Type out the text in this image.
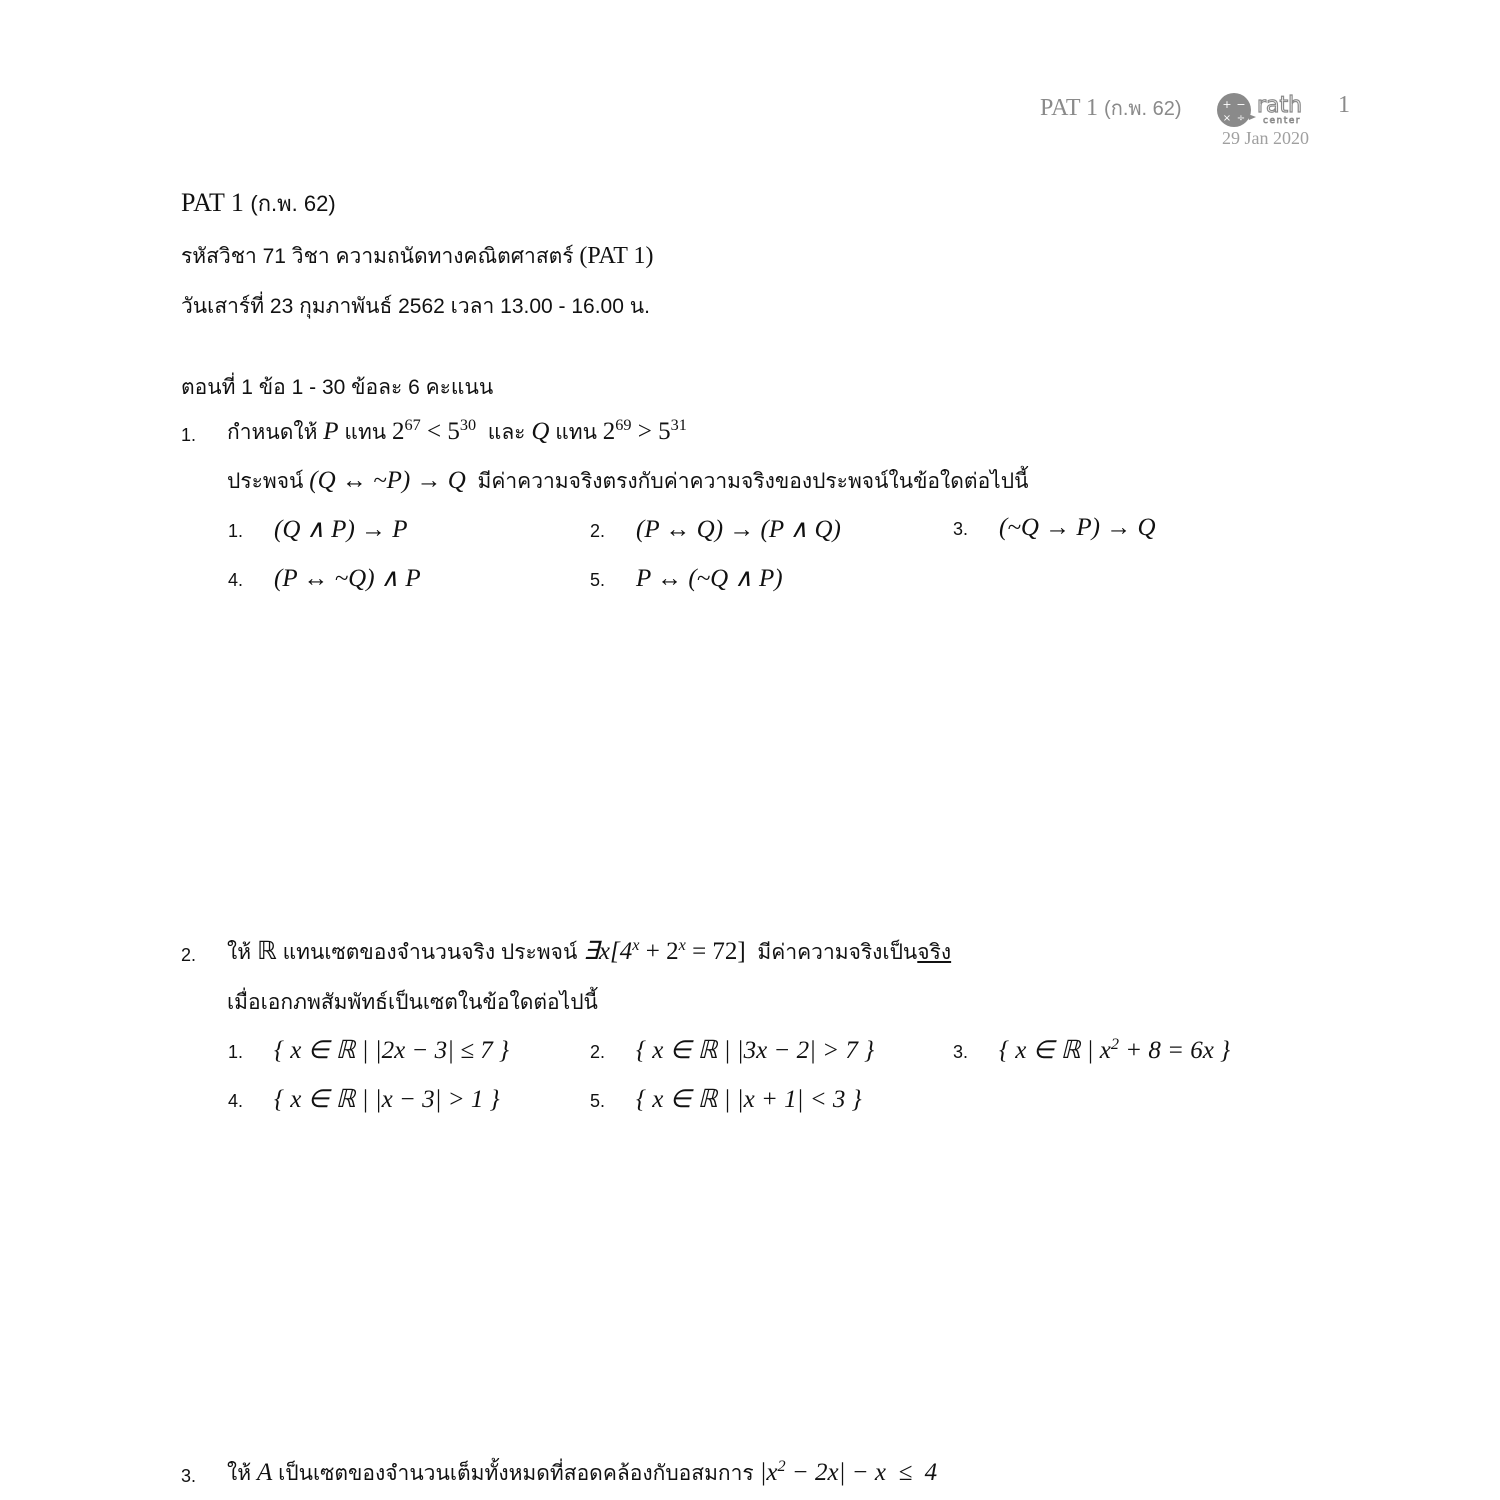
PAT 1 (ก.พ. 62)	+ −
× ÷
rath
center
1
29 Jan 2020
PAT 1 (ก.พ. 62)
รหัสวิชา 71 วิชา ความถนัดทางคณิตศาสตร์ (PAT 1)
วันเสาร์ที่ 23 กุมภาพันธ์ 2562 เวลา 13.00 - 16.00 น.
ตอนที่ 1 ข้อ 1 - 30 ข้อละ 6 คะแนน
1. กำหนดให้ P แทน $2^{67} < 5^{30}$ และ Q แทน $2^{69} > 5^{31}$
ประพจน์ (Q ↔ ~P) → Q มีค่าความจริงตรงกับค่าความจริงของประพจน์ในข้อใดต่อไปนี้
1. (Q ∧ P) → P	2. (P ↔ Q) → (P ∧ Q)	3. (~Q → P) → Q
4. (P ↔ ~Q) ∧ P	5. P ↔ (~Q ∧ P)
2. ให้ ℝ แทนเซตของจำนวนจริง ประพจน์ $\exists x[4^x + 2^x = 72]$ มีค่าความจริงเป็นจริง
เมื่อเอกภพสัมพัทธ์เป็นเซตในข้อใดต่อไปนี้
1. { x ∈ ℝ | |2x − 3| ≤ 7 }	2. { x ∈ ℝ | |3x − 2| > 7 }	3. { x ∈ ℝ | $x^2 + 8 = 6x$ }
4. { x ∈ ℝ | |x − 3| > 1 }	5. { x ∈ ℝ | |x + 1| < 3 }
3. ให้ A เป็นเซตของจำนวนเต็มทั้งหมดที่สอดคล้องกับอสมการ $|x^2 - 2x| - x \le 4$
